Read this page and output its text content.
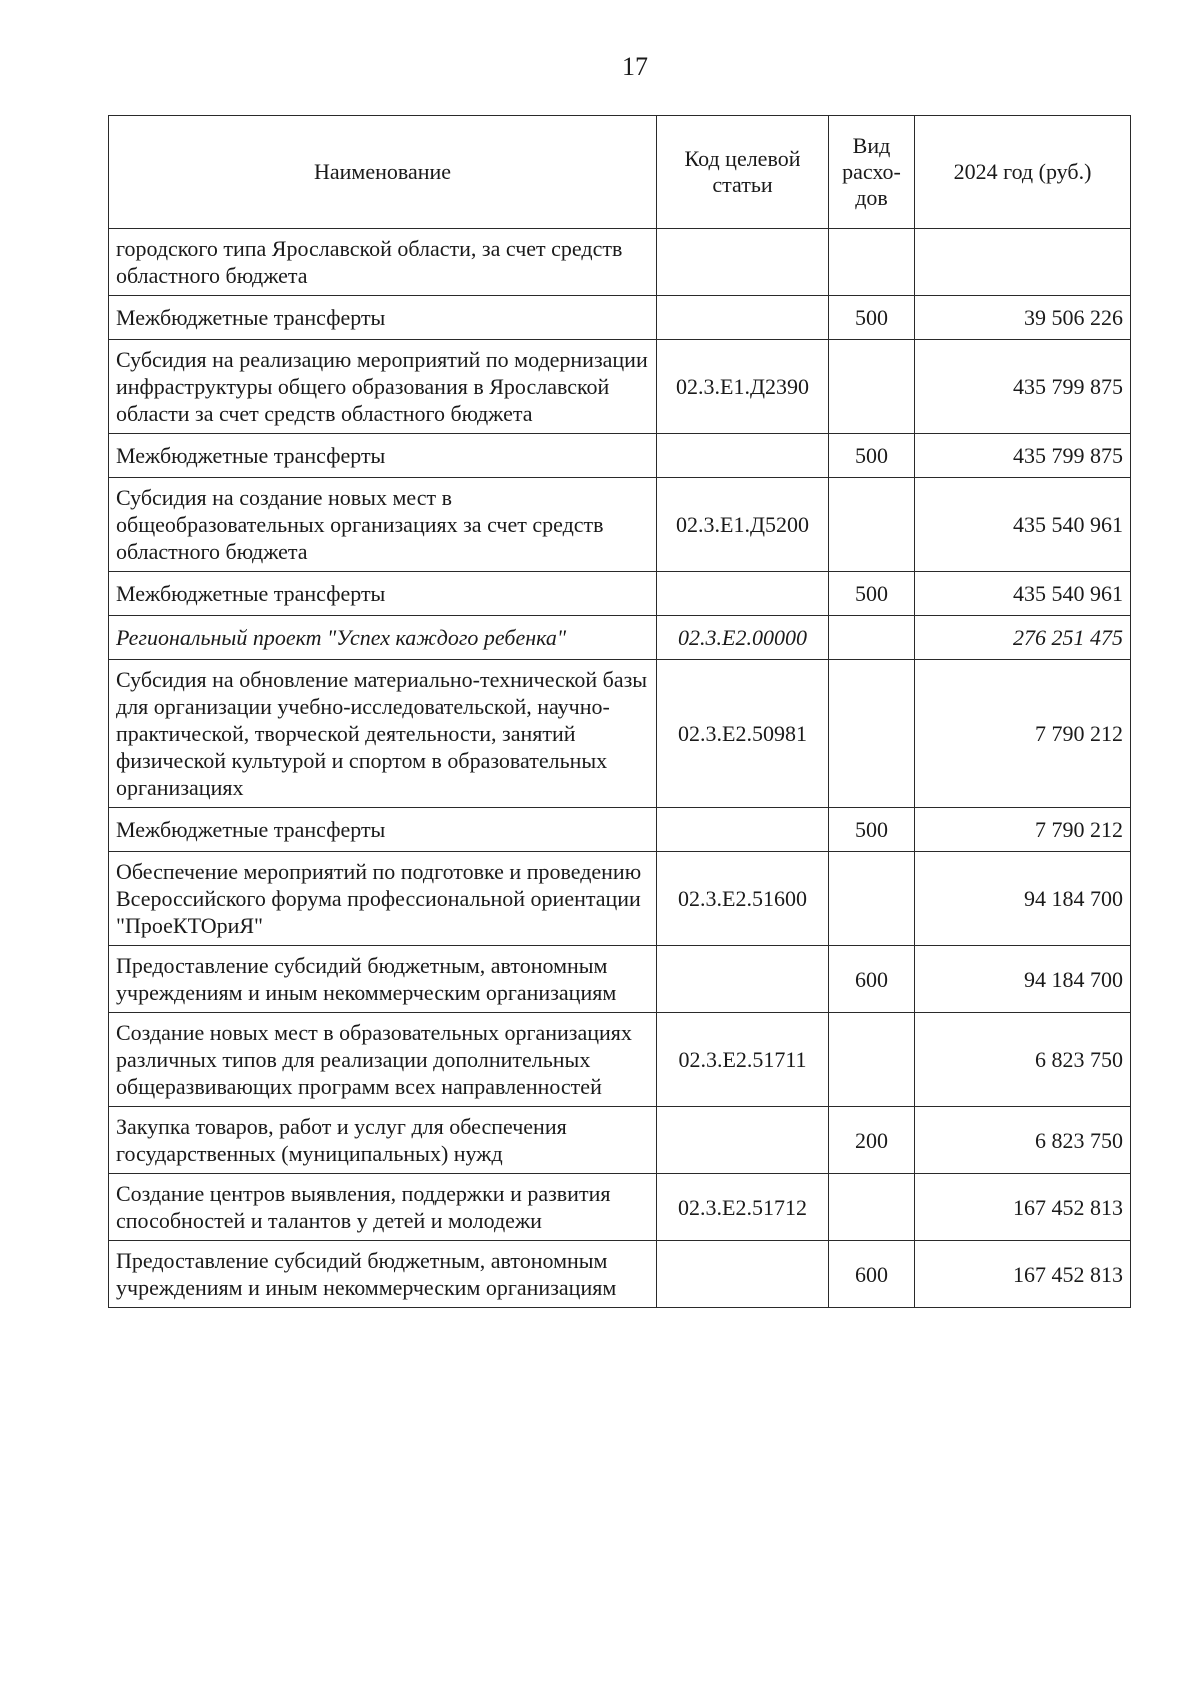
17
Наименование	Код целевой статьи	Вид расхо-дов	2024 год (руб.)
городского типа Ярославской области, за счет средств областного бюджета			
Межбюджетные трансферты		500	39 506 226
Субсидия на реализацию мероприятий по модернизации инфраструктуры общего образования в Ярославской области за счет средств областного бюджета	02.3.Е1.Д2390		435 799 875
Межбюджетные трансферты		500	435 799 875
Субсидия на создание новых мест в общеобразовательных организациях за счет средств областного бюджета	02.3.Е1.Д5200		435 540 961
Межбюджетные трансферты		500	435 540 961
Региональный проект "Успех каждого ребенка"	02.3.Е2.00000		276 251 475
Субсидия на обновление материально-технической базы для организации учебно-исследовательской, научно-практической, творческой деятельности, занятий физической культурой и спортом в образовательных организациях	02.3.Е2.50981		7 790 212
Межбюджетные трансферты		500	7 790 212
Обеспечение мероприятий по подготовке и проведению Всероссийского форума профессиональной ориентации "ПроеКТОриЯ"	02.3.Е2.51600		94 184 700
Предоставление субсидий бюджетным, автономным учреждениям и иным некоммерческим организациям		600	94 184 700
Создание новых мест в образовательных организациях различных типов для реализации дополнительных общеразвивающих программ всех направленностей	02.3.Е2.51711		6 823 750
Закупка товаров, работ и услуг для обеспечения государственных (муниципальных) нужд		200	6 823 750
Создание центров выявления, поддержки и развития способностей и талантов у детей и молодежи	02.3.Е2.51712		167 452 813
Предоставление субсидий бюджетным, автономным учреждениям и иным некоммерческим организациям		600	167 452 813
